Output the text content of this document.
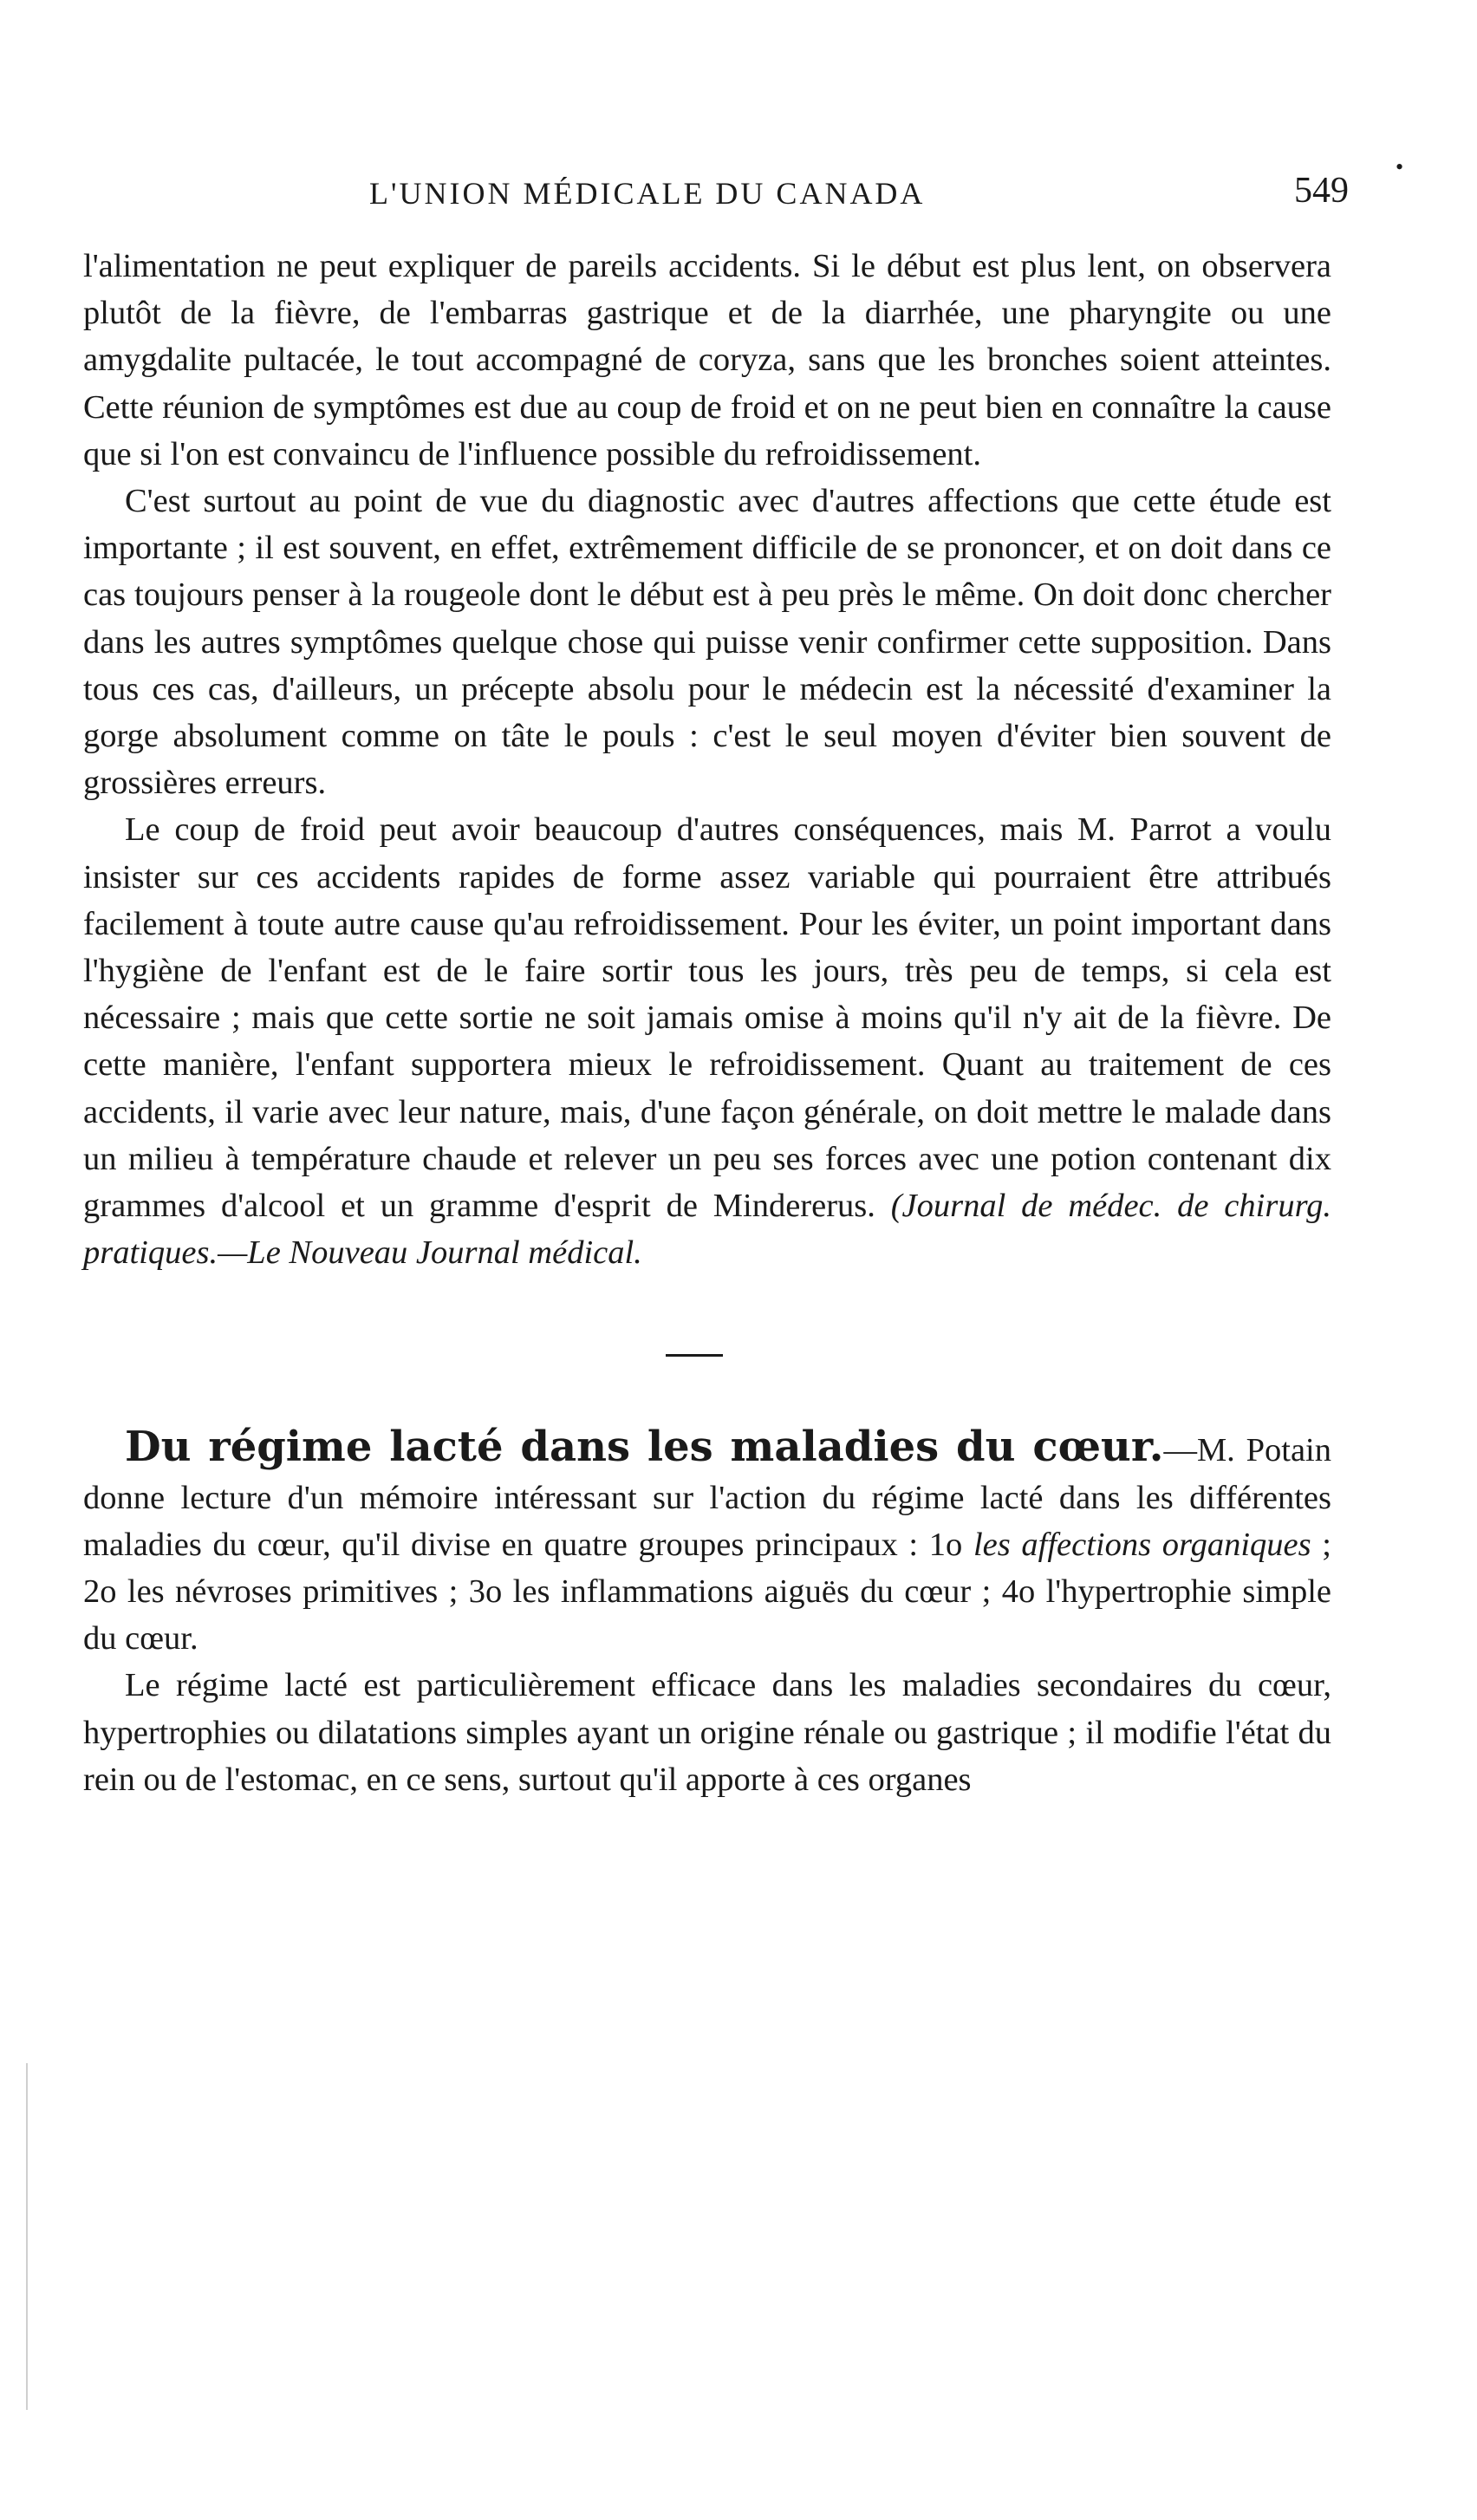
L'UNION MÉDICALE DU CANADA	549
•

l'alimentation ne peut expliquer de pareils accidents. Si le début est plus lent, on observera plutôt de la fièvre, de l'embarras gastrique et de la diarrhée, une pharyngite ou une amygdalite pultacée, le tout accompagné de coryza, sans que les bronches soient atteintes. Cette réunion de symptômes est due au coup de froid et on ne peut bien en connaître la cause que si l'on est convaincu de l'influence possible du refroidissement.

C'est surtout au point de vue du diagnostic avec d'autres affections que cette étude est importante ; il est souvent, en effet, extrêmement difficile de se prononcer, et on doit dans ce cas toujours penser à la rougeole dont le début est à peu près le même. On doit donc chercher dans les autres symptômes quelque chose qui puisse venir confirmer cette supposition. Dans tous ces cas, d'ailleurs, un précepte absolu pour le médecin est la nécessité d'examiner la gorge absolument comme on tâte le pouls : c'est le seul moyen d'éviter bien souvent de grossières erreurs.

Le coup de froid peut avoir beaucoup d'autres conséquences, mais M. Parrot a voulu insister sur ces accidents rapides de forme assez variable qui pourraient être attribués facilement à toute autre cause qu'au refroidissement. Pour les éviter, un point important dans l'hygiène de l'enfant est de le faire sortir tous les jours, très peu de temps, si cela est nécessaire ; mais que cette sortie ne soit jamais omise à moins qu'il n'y ait de la fièvre. De cette manière, l'enfant supportera mieux le refroidissement. Quant au traitement de ces accidents, il varie avec leur nature, mais, d'une façon générale, on doit mettre le malade dans un milieu à température chaude et relever un peu ses forces avec une potion contenant dix grammes d'alcool et un gramme d'esprit de Mindererus. (Journal de médec. de chirurg. pratiques.—Le Nouveau Journal médical.

Du régime lacté dans les maladies du cœur.—M. Potain donne lecture d'un mémoire intéressant sur l'action du régime lacté dans les différentes maladies du cœur, qu'il divise en quatre groupes principaux : 1o les affections organiques ; 2o les névroses primitives ; 3o les inflammations aiguës du cœur ; 4o l'hypertrophie simple du cœur.

Le régime lacté est particulièrement efficace dans les maladies secondaires du cœur, hypertrophies ou dilatations simples ayant un origine rénale ou gastrique ; il modifie l'état du rein ou de l'estomac, en ce sens, surtout qu'il apporte à ces organes
